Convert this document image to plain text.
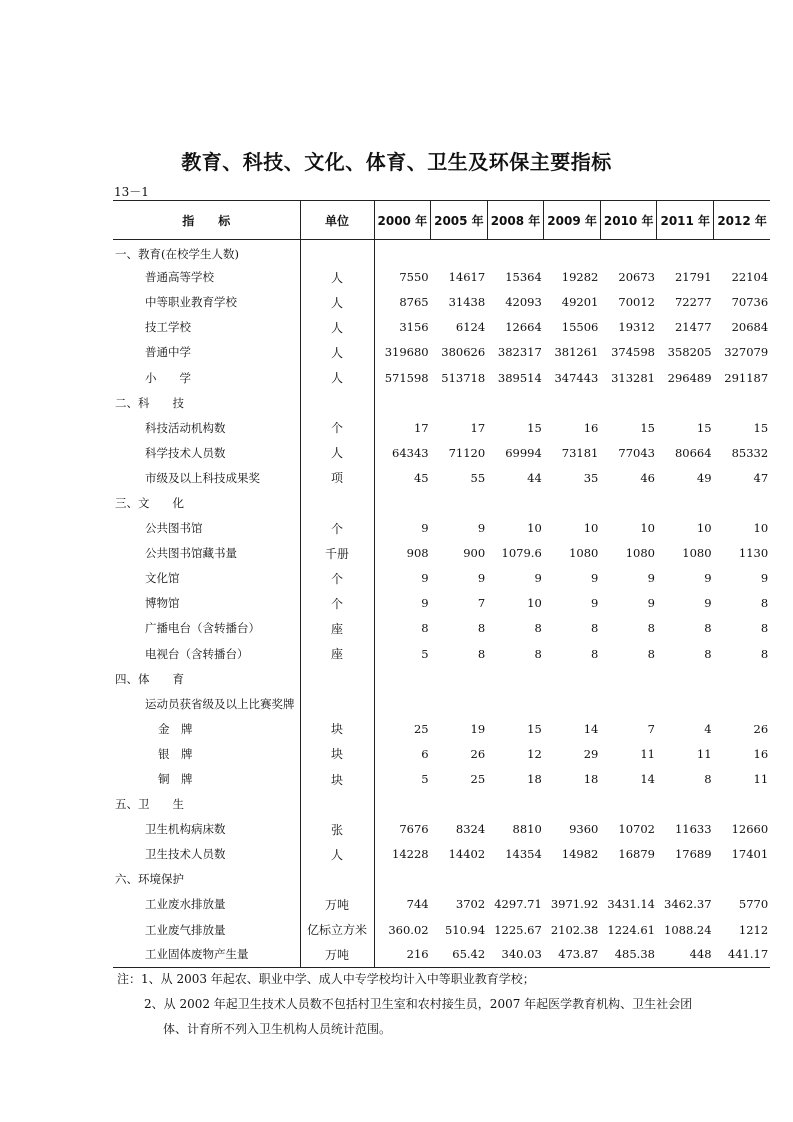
教育、科技、文化、体育、卫生及环保主要指标
13－1
指　　标	单位	2000 年	2005 年	2008 年	2009 年	2010 年	2011 年	2012 年
一、教育(在校学生人数)								
普通高等学校	人	7550	14617	15364	19282	20673	21791	22104
中等职业教育学校	人	8765	31438	42093	49201	70012	72277	70736
技工学校	人	3156	6124	12664	15506	19312	21477	20684
普通中学	人	319680	380626	382317	381261	374598	358205	327079
小　　学	人	571598	513718	389514	347443	313281	296489	291187
二、科　　技								
科技活动机构数	个	17	17	15	16	15	15	15
科学技术人员数	人	64343	71120	69994	73181	77043	80664	85332
市级及以上科技成果奖	项	45	55	44	35	46	49	47
三、文　　化								
公共图书馆	个	9	9	10	10	10	10	10
公共图书馆藏书量	千册	908	900	1079.6	1080	1080	1080	1130
文化馆	个	9	9	9	9	9	9	9
博物馆	个	9	7	10	9	9	9	8
广播电台（含转播台）	座	8	8	8	8	8	8	8
电视台（含转播台）	座	5	8	8	8	8	8	8
四、体　　育								
运动员获省级及以上比赛奖牌								
金　牌	块	25	19	15	14	7	4	26
银　牌	块	6	26	12	29	11	11	16
铜　牌	块	5	25	18	18	14	8	11
五、卫　　生								
卫生机构病床数	张	7676	8324	8810	9360	10702	11633	12660
卫生技术人员数	人	14228	14402	14354	14982	16879	17689	17401
六、环境保护								
工业废水排放量	万吨	744	3702	4297.71	3971.92	3431.14	3462.37	5770
工业废气排放量	亿标立方米	360.02	510.94	1225.67	2102.38	1224.61	1088.24	1212
工业固体废物产生量	万吨	216	65.42	340.03	473.87	485.38	448	441.17

注：1、从 2003 年起农、职业中学、成人中专学校均计入中等职业教育学校；

2、从 2002 年起卫生技术人员数不包括村卫生室和农村接生员，2007 年起医学教育机构、卫生社会团

体、计育所不列入卫生机构人员统计范围。
